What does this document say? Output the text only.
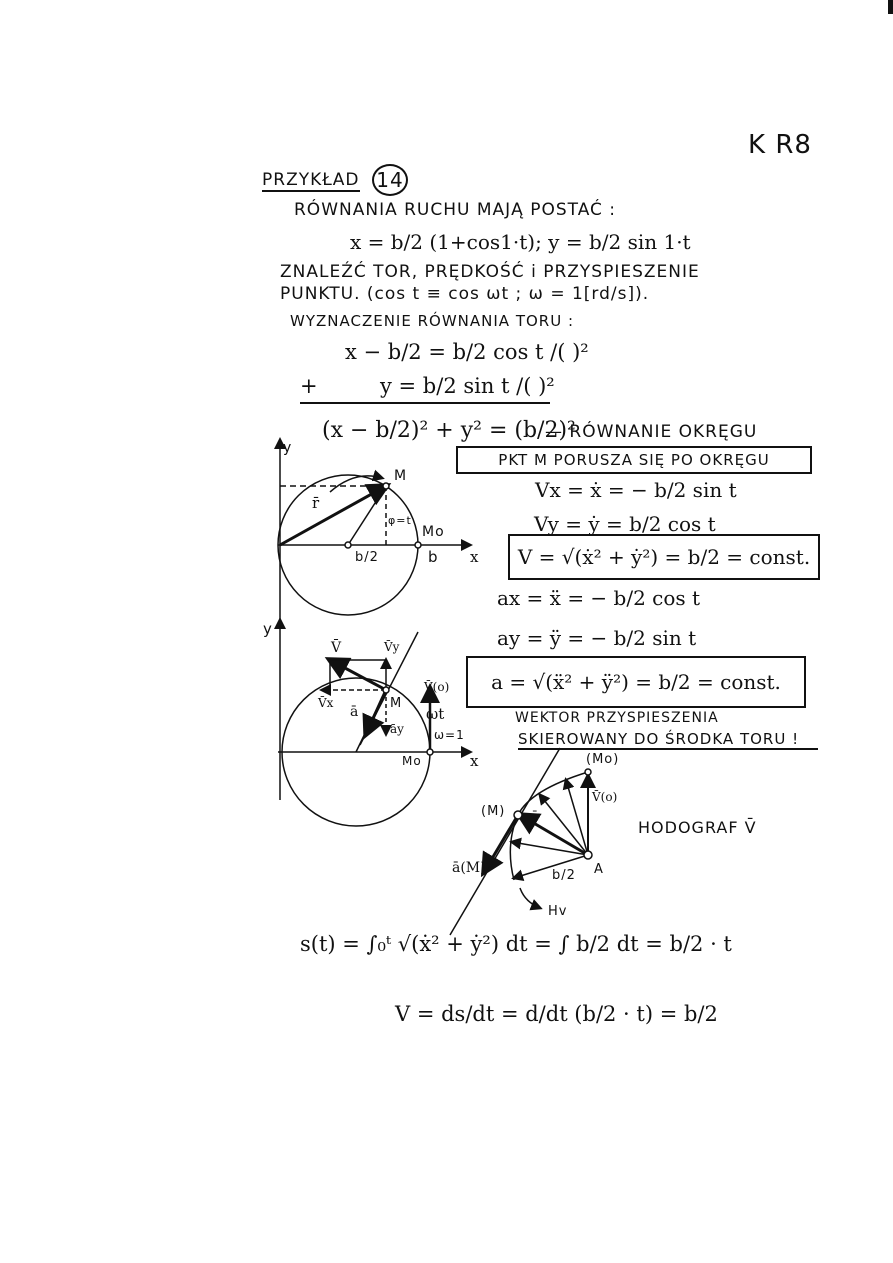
K R8
PRZYKŁAD 14
RÓWNANIA RUCHU MAJĄ POSTAĆ :
x = b/2 (1+cos1·t); y = b/2 sin 1·t
ZNALEŹĆ TOR, PRĘDKOŚĆ i PRZYSPIESZENIE
PUNKTU. (cos t ≡ cos ωt ; ω = 1[rd/s]).
WYZNACZENIE RÓWNANIA TORU :
x − b/2 = b/2 cos t /( )²
+	y = b/2 sin t /( )²
(x − b/2)² + y² = (b/2)²
— RÓWNANIE OKRĘGU
PKT M PORUSZA SIĘ PO OKRĘGU
Vx = ẋ = − b/2 sin t
Vy = ẏ = b/2 cos t
V = √(ẋ² + ẏ²) = b/2 = const.
ax = ẍ = − b/2 cos t
ay = ÿ = − b/2 sin t
a = √(ẍ² + ÿ²) = b/2 = const.
WEKTOR PRZYSPIESZENIA
SKIEROWANY DO ŚRODKA TORU !
HODOGRAF V̄
s(t) = ∫₀ᵗ √(ẋ² + ẏ²) dt = ∫ b/2 dt = b/2 · t
V = ds/dt = d/dt (b/2 · t) = b/2
y
x
M
Mo
r̄
φ=t
b/2	b
y
x
V̄	V̄y
V̄x
ā
āy
M
Mo
V̄(o)
ωt
ω=1
(Mo)
(M)
V̄(o)
V̄
A
b/2
ā(M)
Hv
